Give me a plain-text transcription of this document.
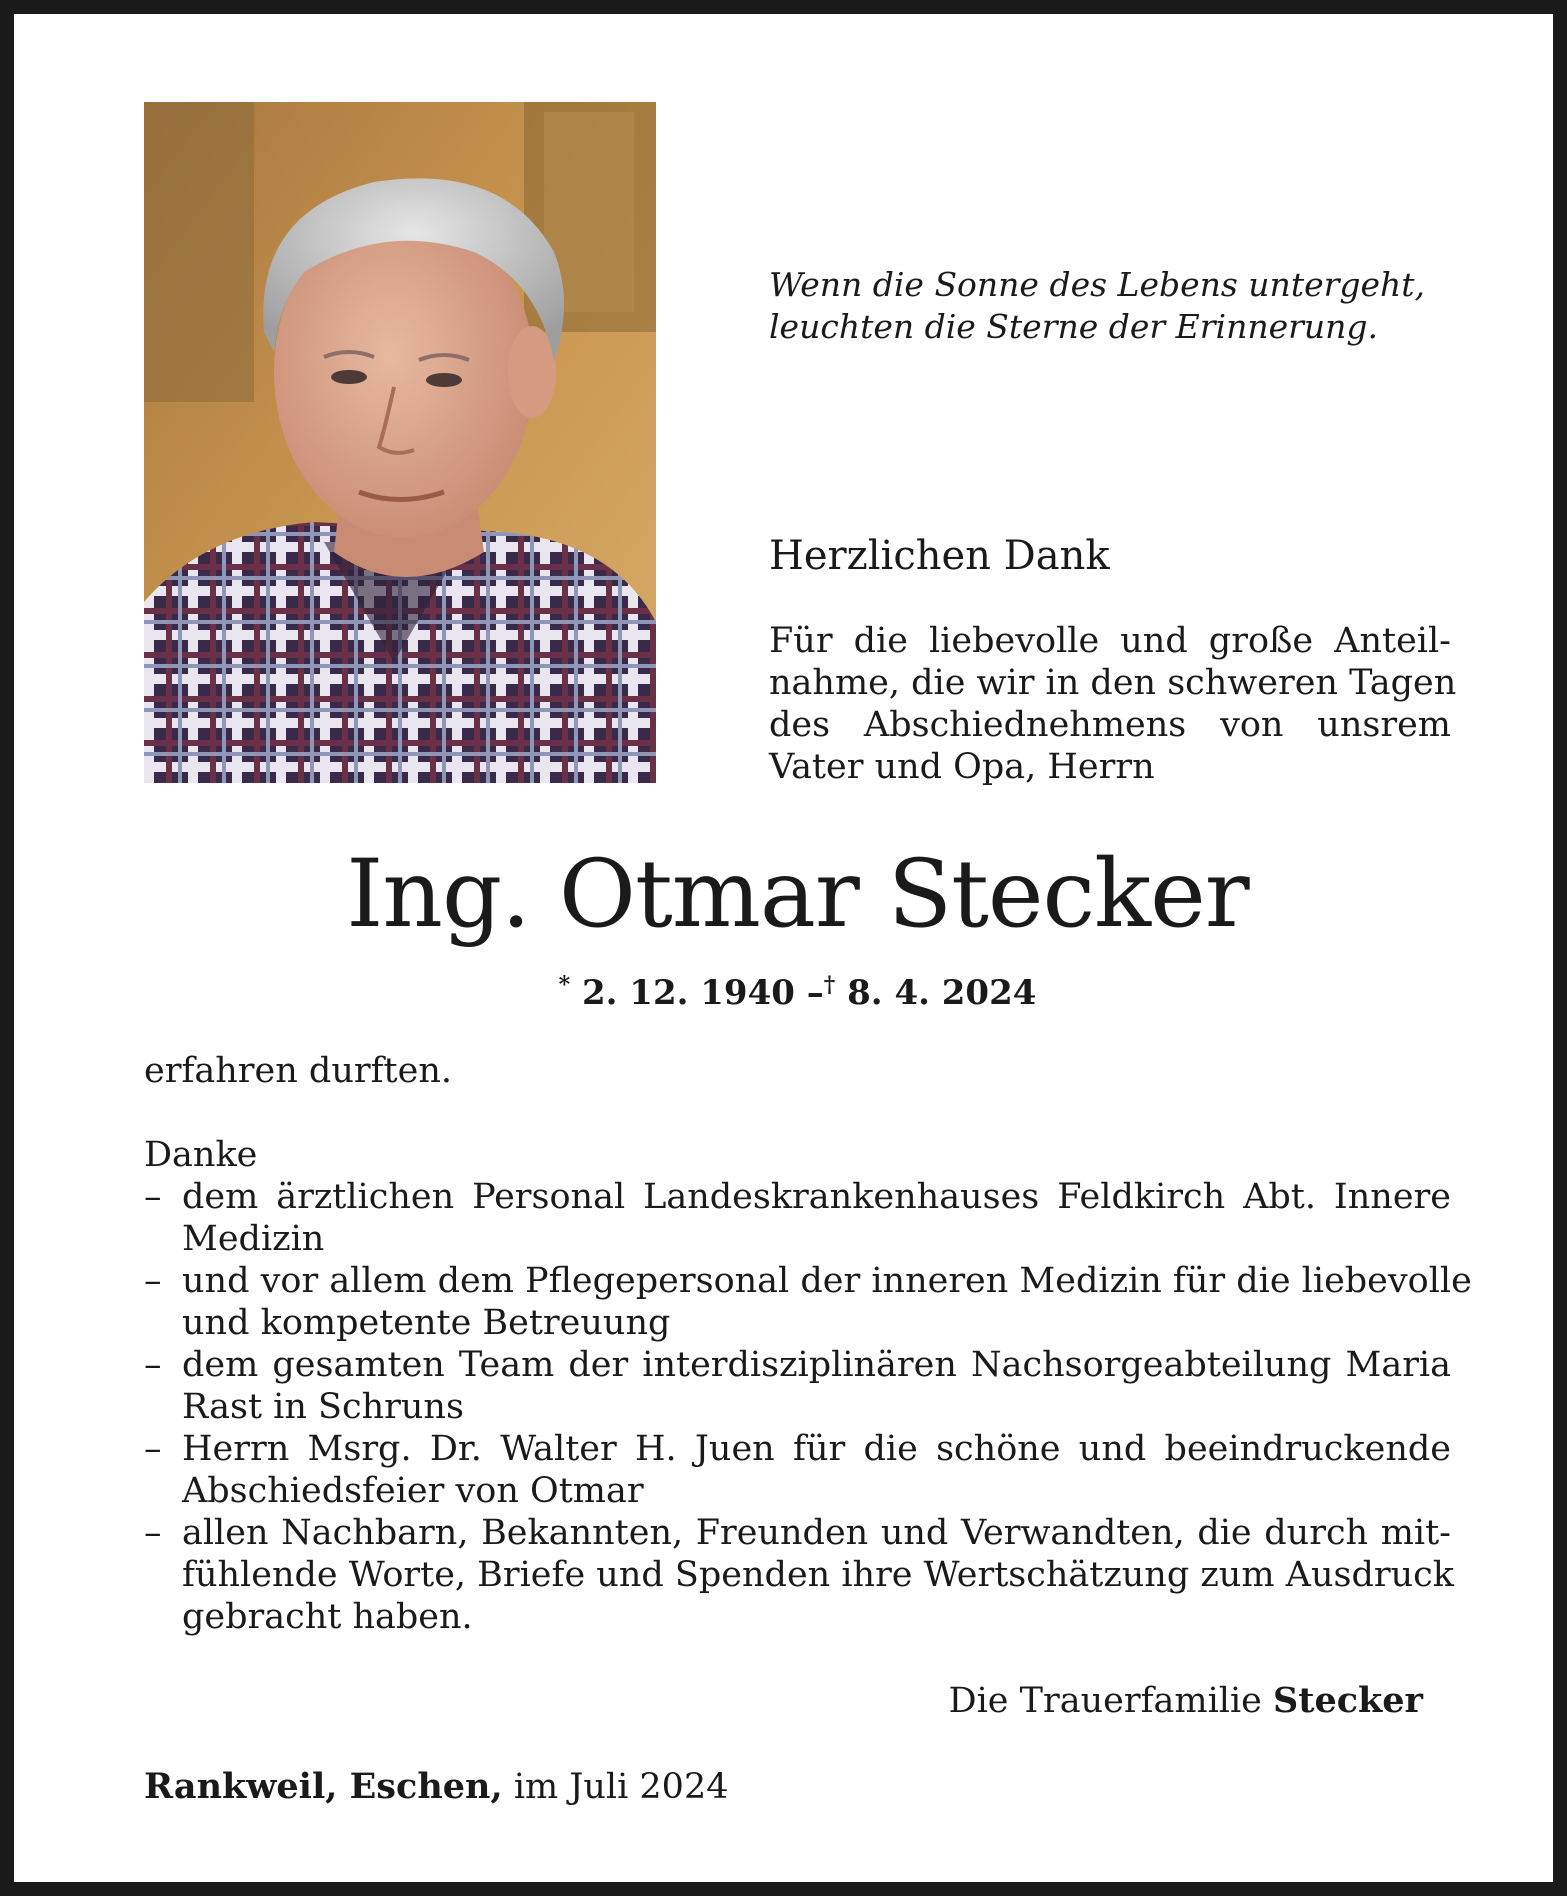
Wenn die Sonne des Lebens untergeht,
leuchten die Sterne der Erinnerung.
Herzlichen Dank
Für die liebevolle und große Anteil-
nahme, die wir in den schweren Tagen
des Abschiednehmens von unsrem
Vater und Opa, Herrn
Ing. Otmar Stecker
* 2. 12. 1940 –† 8. 4. 2024
erfahren durften.
Danke
– dem ärztlichen Personal Landeskrankenhauses Feldkirch Abt. Innere
Medizin
– und vor allem dem Pflegepersonal der inneren Medizin für die liebevolle
und kompetente Betreuung
– dem gesamten Team der interdisziplinären Nachsorgeabteilung Maria
Rast in Schruns
– Herrn Msrg. Dr. Walter H. Juen für die schöne und beeindruckende
Abschiedsfeier von Otmar
– allen Nachbarn, Bekannten, Freunden und Verwandten, die durch mit-
fühlende Worte, Briefe und Spenden ihre Wertschätzung zum Ausdruck
gebracht haben.
Die Trauerfamilie Stecker
Rankweil, Eschen, im Juli 2024
